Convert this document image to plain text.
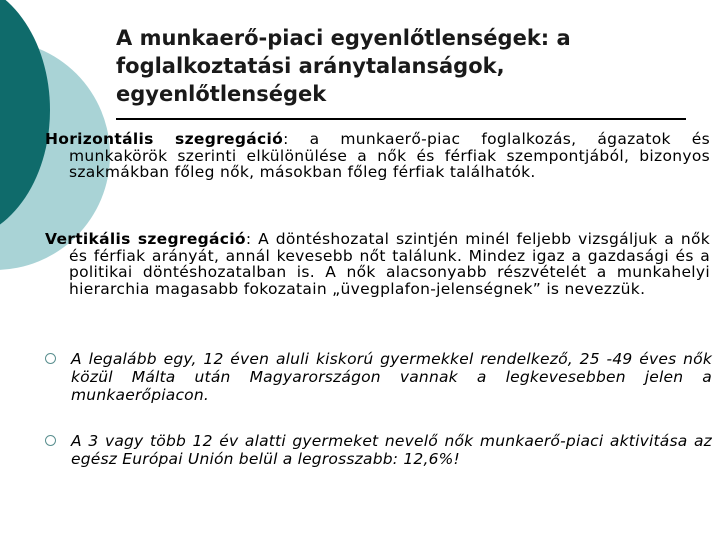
A munkaerő-piaci egyenlőtlenségek: a foglalkoztatási aránytalanságok, egyenlőtlenségek
Horizontális szegregáció: a munkaerő-piac foglalkozás, ágazatok és munkakörök szerinti elkülönülése a nők és férfiak szempontjából, bizonyos szakmákban főleg nők, másokban főleg férfiak találhatók.
Vertikális szegregáció: A döntéshozatal szintjén minél feljebb vizsgáljuk a nők és férfiak arányát, annál kevesebb nőt találunk. Mindez igaz a gazdasági és a politikai döntéshozatalban is. A nők alacsonyabb részvételét a munkahelyi hierarchia magasabb fokozatain „üvegplafon-jelenségnek” is nevezzük.
A legalább egy, 12 éven aluli kiskorú gyermekkel rendelkező, 25 -49 éves nők közül Málta után Magyarországon vannak a legkevesebben jelen a munkaerőpiacon.
A 3 vagy több 12 év alatti gyermeket nevelő nők munkaerő-piaci aktivitása az egész Európai Unión belül a legrosszabb: 12,6%!
